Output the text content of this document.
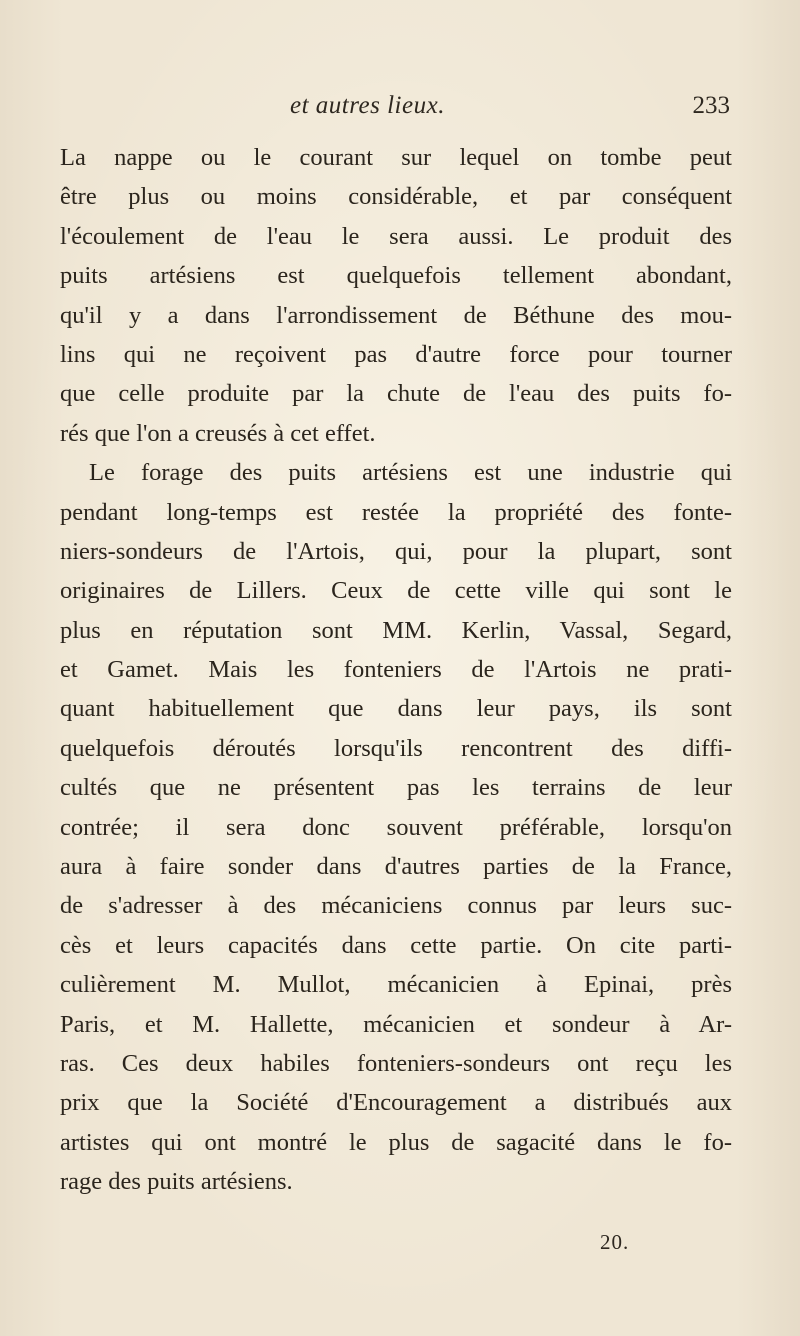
et autres lieux.	233
La nappe ou le courant sur lequel on tombe peut
être plus ou moins considérable, et par conséquent
l'écoulement de l'eau le sera aussi. Le produit des
puits artésiens est quelquefois tellement abondant,
qu'il y a dans l'arrondissement de Béthune des mou-
lins qui ne reçoivent pas d'autre force pour tourner
que celle produite par la chute de l'eau des puits fo-
rés que l'on a creusés à cet effet.
Le forage des puits artésiens est une industrie qui
pendant long-temps est restée la propriété des fonte-
niers-sondeurs de l'Artois, qui, pour la plupart, sont
originaires de Lillers. Ceux de cette ville qui sont le
plus en réputation sont MM. Kerlin, Vassal, Segard,
et Gamet. Mais les fonteniers de l'Artois ne prati-
quant habituellement que dans leur pays, ils sont
quelquefois déroutés lorsqu'ils rencontrent des diffi-
cultés que ne présentent pas les terrains de leur
contrée; il sera donc souvent préférable, lorsqu'on
aura à faire sonder dans d'autres parties de la France,
de s'adresser à des mécaniciens connus par leurs suc-
cès et leurs capacités dans cette partie. On cite parti-
culièrement M. Mullot, mécanicien à Epinai, près
Paris, et M. Hallette, mécanicien et sondeur à Ar-
ras. Ces deux habiles fonteniers-sondeurs ont reçu les
prix que la Société d'Encouragement a distribués aux
artistes qui ont montré le plus de sagacité dans le fo-
rage des puits artésiens.
20.
